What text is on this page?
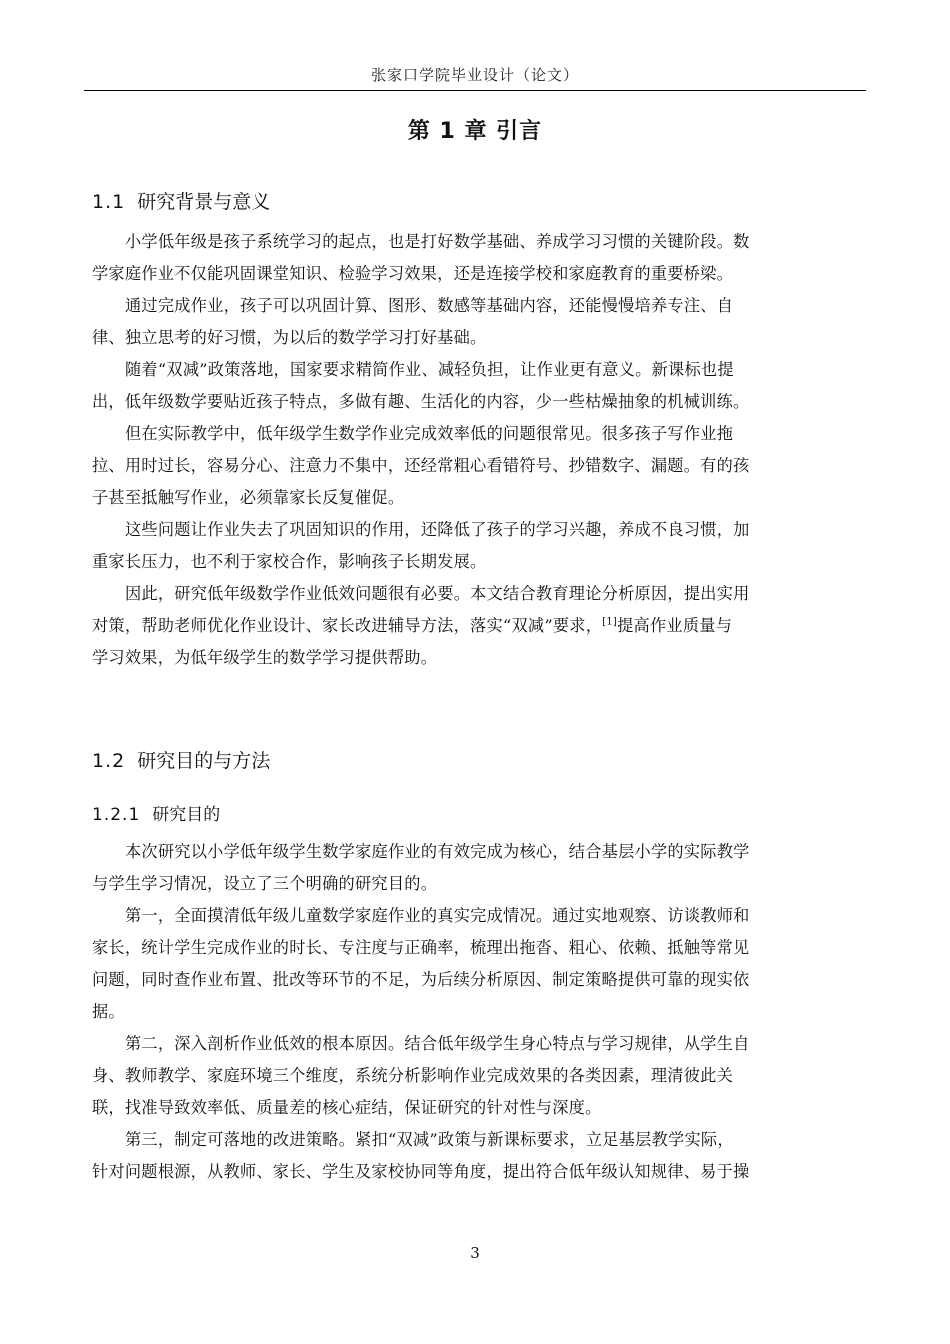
张家口学院毕业设计（论文）
第 1 章 引言
1.1 研究背景与意义
小学低年级是孩子系统学习的起点，也是打好数学基础、养成学习习惯的关键阶段。数
学家庭作业不仅能巩固课堂知识、检验学习效果，还是连接学校和家庭教育的重要桥梁。
通过完成作业，孩子可以巩固计算、图形、数感等基础内容，还能慢慢培养专注、自
律、独立思考的好习惯，为以后的数学学习打好基础。
随着“双减”政策落地，国家要求精简作业、减轻负担，让作业更有意义。新课标也提
出，低年级数学要贴近孩子特点，多做有趣、生活化的内容，少一些枯燥抽象的机械训练。
但在实际教学中，低年级学生数学作业完成效率低的问题很常见。很多孩子写作业拖
拉、用时过长，容易分心、注意力不集中，还经常粗心看错符号、抄错数字、漏题。有的孩
子甚至抵触写作业，必须靠家长反复催促。
这些问题让作业失去了巩固知识的作用，还降低了孩子的学习兴趣，养成不良习惯，加
重家长压力，也不利于家校合作，影响孩子长期发展。
因此，研究低年级数学作业低效问题很有必要。本文结合教育理论分析原因，提出实用
对策，帮助老师优化作业设计、家长改进辅导方法，落实“双减”要求，[1]提高作业质量与
学习效果，为低年级学生的数学学习提供帮助。
1.2 研究目的与方法
1.2.1 研究目的
本次研究以小学低年级学生数学家庭作业的有效完成为核心，结合基层小学的实际教学
与学生学习情况，设立了三个明确的研究目的。
第一，全面摸清低年级儿童数学家庭作业的真实完成情况。通过实地观察、访谈教师和
家长，统计学生完成作业的时长、专注度与正确率，梳理出拖沓、粗心、依赖、抵触等常见
问题，同时查作业布置、批改等环节的不足，为后续分析原因、制定策略提供可靠的现实依
据。
第二，深入剖析作业低效的根本原因。结合低年级学生身心特点与学习规律，从学生自
身、教师教学、家庭环境三个维度，系统分析影响作业完成效果的各类因素，理清彼此关
联，找准导致效率低、质量差的核心症结，保证研究的针对性与深度。
第三，制定可落地的改进策略。紧扣“双减”政策与新课标要求，立足基层教学实际，
针对问题根源，从教师、家长、学生及家校协同等角度，提出符合低年级认知规律、易于操
3
